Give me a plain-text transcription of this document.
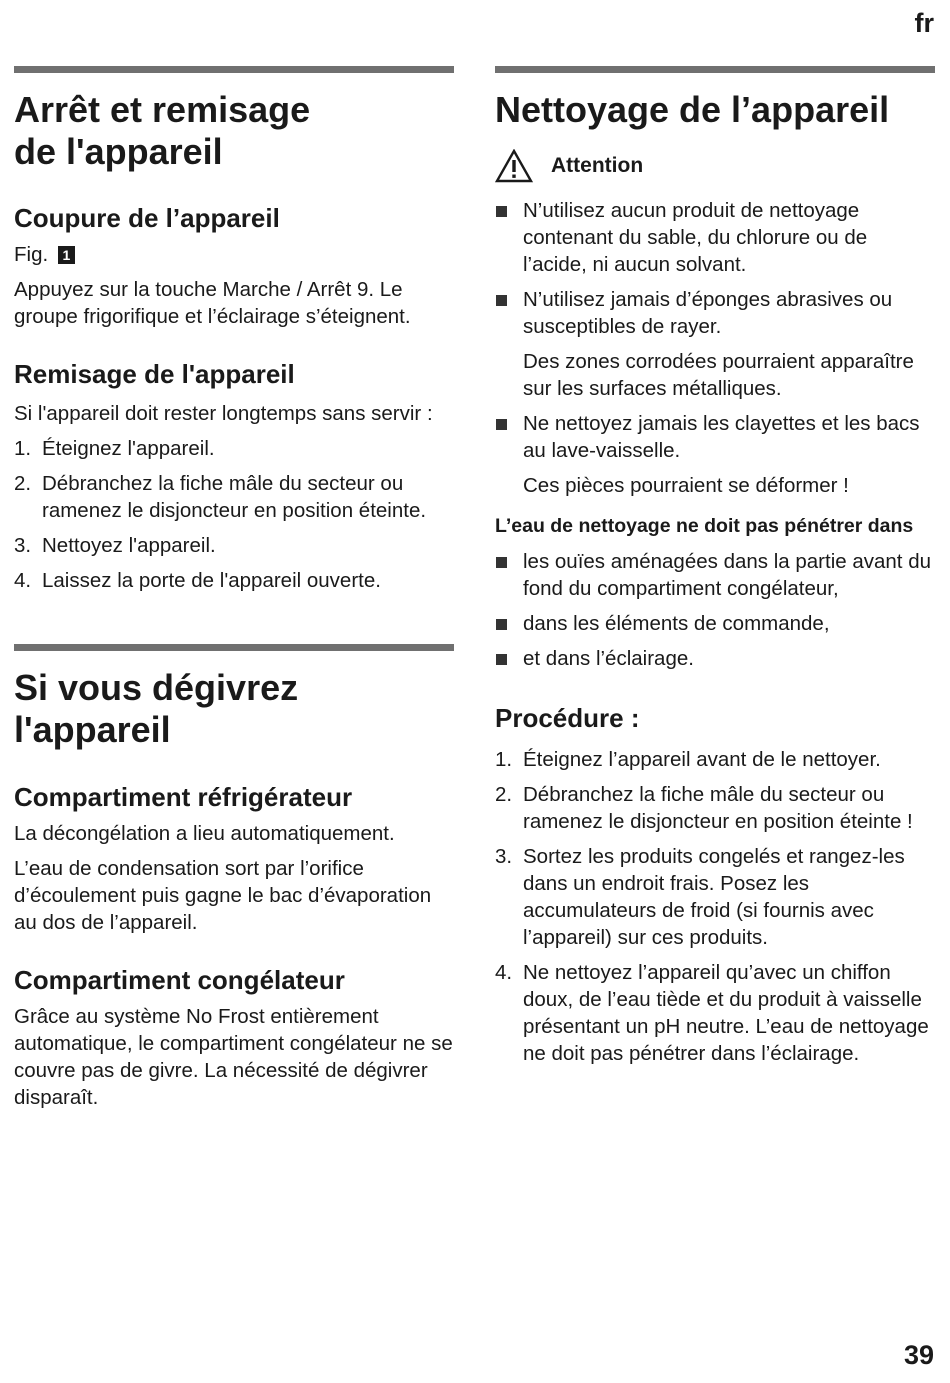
fr
Arrêt et remisage
de l'appareil
Coupure de l’appareil

Fig. 1

Appuyez sur la touche Marche / Arrêt 9. Le groupe frigorifique et l’éclairage s’éteignent.

Remisage de l'appareil

Si l'appareil doit rester longtemps sans servir :

1. Éteignez l'appareil.
2. Débranchez la fiche mâle du secteur ou ramenez le disjoncteur en position éteinte.
3. Nettoyez l'appareil.
4. Laissez la porte de l'appareil ouverte.
Si vous dégivrez
l'appareil
Compartiment réfrigérateur

La décongélation a lieu automatiquement.

L’eau de condensation sort par l’orifice d’écoulement puis gagne le bac d’évaporation au dos de l’appareil.

Compartiment congélateur

Grâce au système No Frost entièrement automatique, le compartiment congélateur ne se couvre pas de givre. La nécessité de dégivrer disparaît.

Nettoyage de l’appareil
Attention
N’utilisez aucun produit de nettoyage contenant du sable, du chlorure ou de l’acide, ni aucun solvant.
N’utilisez jamais d’éponges abrasives ou susceptibles de rayer.

Des zones corrodées pourraient apparaître sur les surfaces métalliques.

Ne nettoyez jamais les clayettes et les bacs au lave-vaisselle.

Ces pièces pourraient se déformer !

L’eau de nettoyage ne doit pas pénétrer dans

les ouïes aménagées dans la partie avant du fond du compartiment congélateur,
dans les éléments de commande,
et dans l’éclairage.
Procédure :
1. Éteignez l’appareil avant de le nettoyer.
2. Débranchez la fiche mâle du secteur ou ramenez le disjoncteur en position éteinte !
3. Sortez les produits congelés et rangez-les dans un endroit frais. Posez les accumulateurs de froid (si fournis avec l’appareil) sur ces produits.
4. Ne nettoyez l’appareil qu’avec un chiffon doux, de l’eau tiède et du produit à vaisselle présentant un pH neutre. L’eau de nettoyage ne doit pas pénétrer dans l’éclairage.
39
